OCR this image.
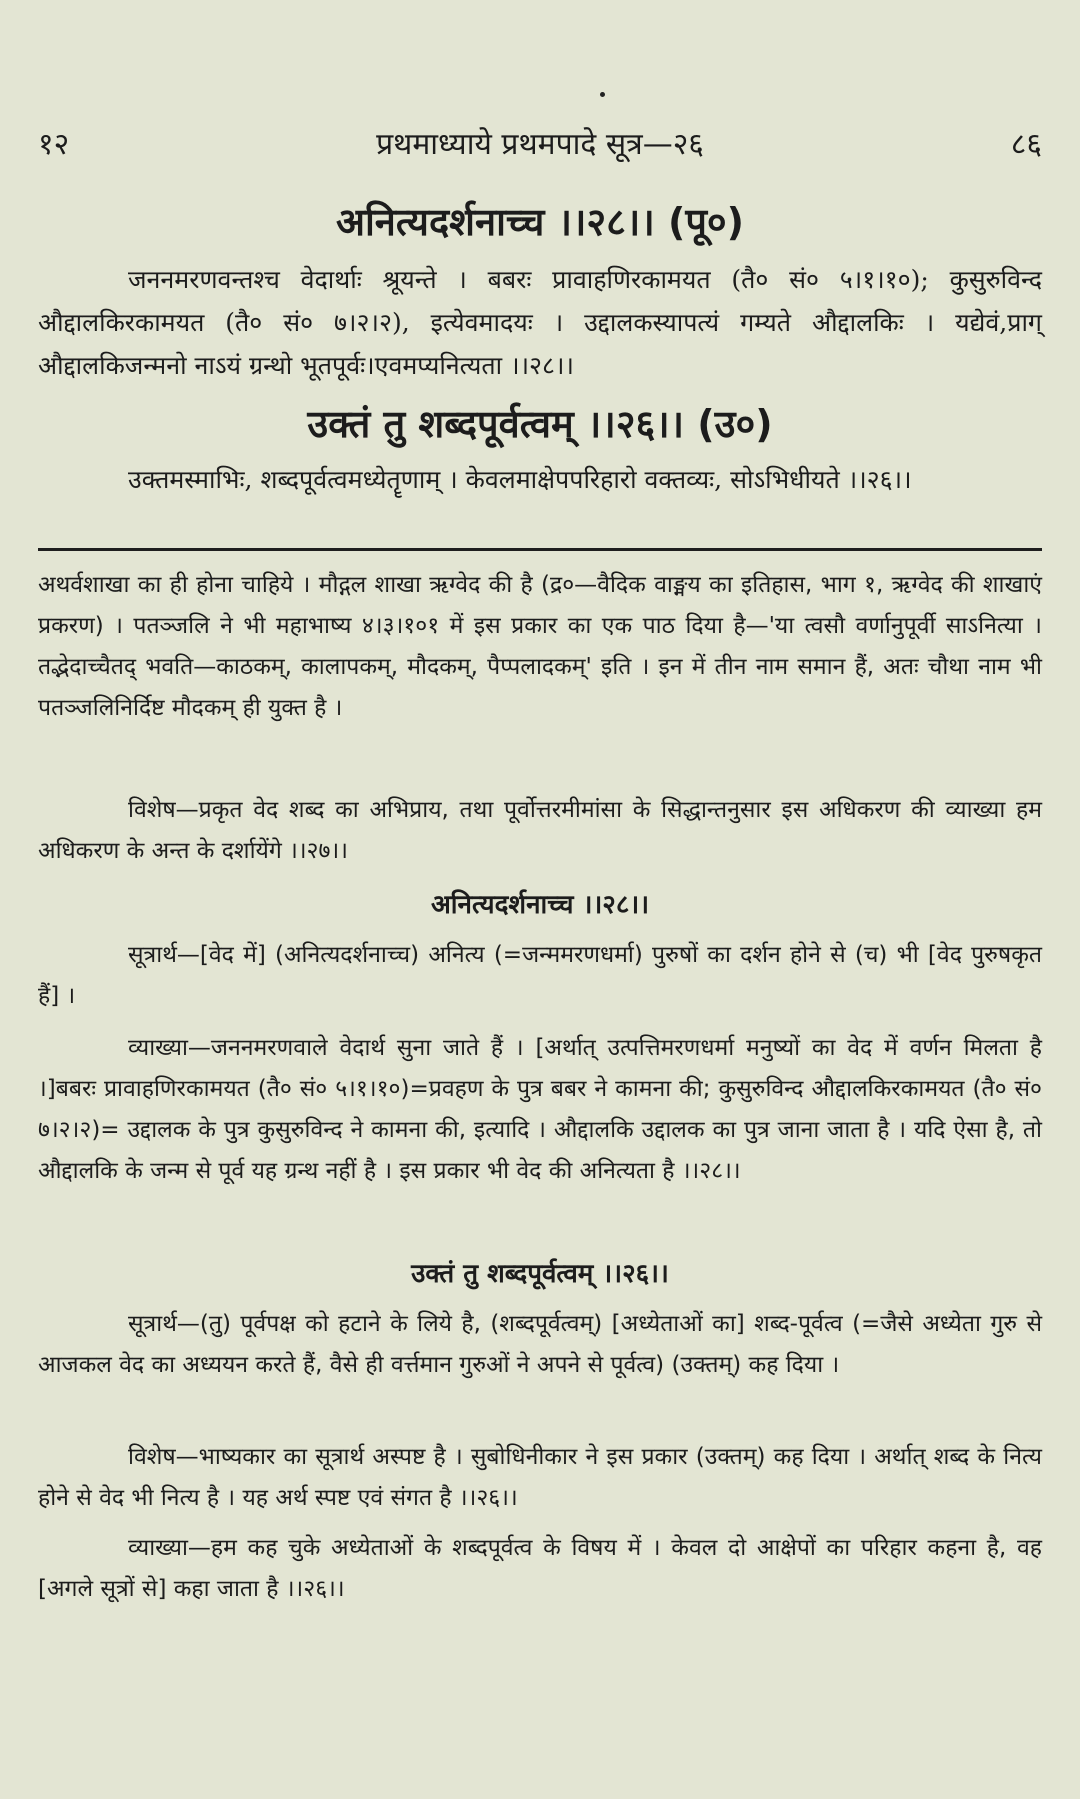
१२	प्रथमाध्याये प्रथमपादे सूत्र—२६	८६
अनित्यदर्शनाच्च ।।२८।। (पू०)
जननमरणवन्तश्च वेदार्थाः श्रूयन्ते । बबरः प्रावाहणिरकामयत (तै० सं० ५।१।१०); कुसुरुविन्द औद्दालकिरकामयत (तै० सं० ७।२।२), इत्येवमादयः । उद्दालकस्यापत्यं गम्यते औद्दालकिः । यद्येवं,प्राग् औद्दालकिजन्मनो नाऽयं ग्रन्थो भूतपूर्वः।एवमप्यनित्यता ।।२८।।
उक्तं तु शब्दपूर्वत्वम् ।।२६।। (उ०)
उक्तमस्माभिः, शब्दपूर्वत्वमध्येतॄणाम् । केवलमाक्षेपपरिहारो वक्तव्यः, सोऽभिधीयते ।।२६।।
अथर्वशाखा का ही होना चाहिये । मौद्गल शाखा ऋग्वेद की है (द्र०—वैदिक वाङ्मय का इतिहास, भाग १, ऋग्वेद की शाखाएं प्रकरण) । पतञ्जलि ने भी महाभाष्य ४।३।१०१ में इस प्रकार का एक पाठ दिया है—'या त्वसौ वर्णानुपूर्वी साऽनित्या । तद्भेदाच्चैतद् भवति—काठकम्, कालापकम्, मौदकम्, पैप्पलादकम्' इति । इन में तीन नाम समान हैं, अतः चौथा नाम भी पतञ्जलिनिर्दिष्ट मौदकम् ही युक्त है ।
विशेष—प्रकृत वेद शब्द का अभिप्राय, तथा पूर्वोत्तरमीमांसा के सिद्धान्तनुसार इस अधिकरण की व्याख्या हम अधिकरण के अन्त के दर्शायेंगे ।।२७।।
अनित्यदर्शनाच्च ।।२८।।
सूत्रार्थ—[वेद में] (अनित्यदर्शनाच्च) अनित्य (=जन्ममरणधर्मा) पुरुषों का दर्शन होने से (च) भी [वेद पुरुषकृत हैं] ।
व्याख्या—जननमरणवाले वेदार्थ सुना जाते हैं । [अर्थात् उत्पत्तिमरणधर्मा मनुष्यों का वेद में वर्णन मिलता है ।]बबरः प्रावाहणिरकामयत (तै० सं० ५।१।१०)=प्रवहण के पुत्र बबर ने कामना की; कुसुरुविन्द औद्दालकिरकामयत (तै० सं० ७।२।२)= उद्दालक के पुत्र कुसुरुविन्द ने कामना की, इत्यादि । औद्दालकि उद्दालक का पुत्र जाना जाता है । यदि ऐसा है, तो औद्दालकि के जन्म से पूर्व यह ग्रन्थ नहीं है । इस प्रकार भी वेद की अनित्यता है ।।२८।।
उक्तं तु शब्दपूर्वत्वम् ।।२६।।
सूत्रार्थ—(तु) पूर्वपक्ष को हटाने के लिये है, (शब्दपूर्वत्वम्) [अध्येताओं का] शब्द-पूर्वत्व (=जैसे अध्येता गुरु से आजकल वेद का अध्ययन करते हैं, वैसे ही वर्त्तमान गुरुओं ने अपने से पूर्वत्व) (उक्तम्) कह दिया ।
विशेष—भाष्यकार का सूत्रार्थ अस्पष्ट है । सुबोधिनीकार ने इस प्रकार (उक्तम्) कह दिया । अर्थात् शब्द के नित्य होने से वेद भी नित्य है । यह अर्थ स्पष्ट एवं संगत है ।।२६।।
व्याख्या—हम कह चुके अध्येताओं के शब्दपूर्वत्व के विषय में । केवल दो आक्षेपों का परिहार कहना है, वह [अगले सूत्रों से] कहा जाता है ।।२६।।
